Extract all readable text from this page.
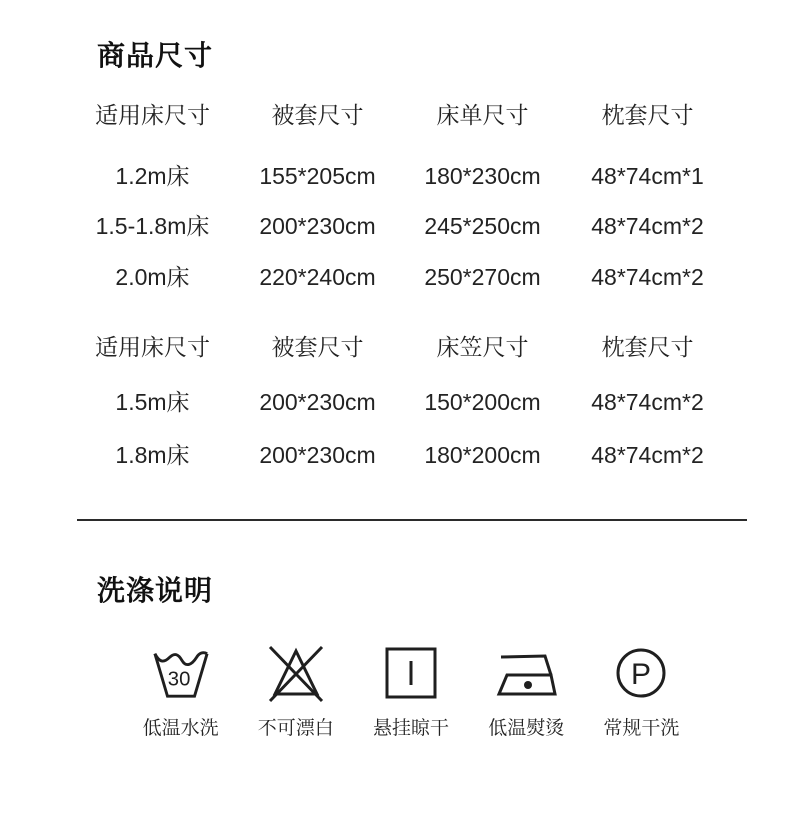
商品尺寸
适用床尺寸	被套尺寸	床单尺寸	枕套尺寸
1.2m床	155*205cm	180*230cm	48*74cm*1
1.5-1.8m床	200*230cm	245*250cm	48*74cm*2
2.0m床	220*240cm	250*270cm	48*74cm*2
适用床尺寸	被套尺寸	床笠尺寸	枕套尺寸
1.5m床	200*230cm	150*200cm	48*74cm*2
1.8m床	200*230cm	180*200cm	48*74cm*2
洗涤说明
30
低温水洗 不可漂白 悬挂晾干 低温熨烫
P
常规干洗
